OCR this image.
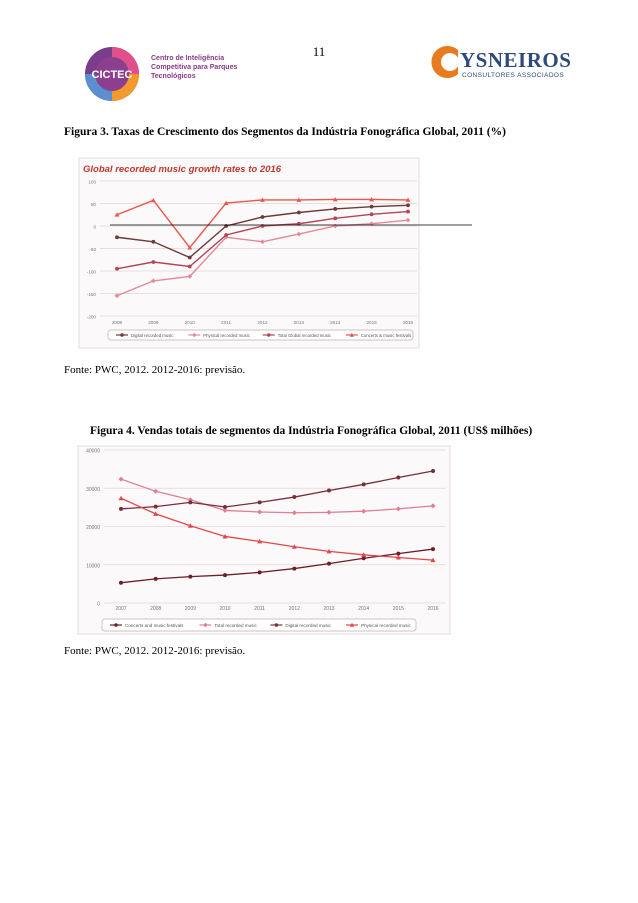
11
CICTEC
Centro de Inteligência
Competitiva para Parques
Tecnológicos
YSNEIROS
CONSULTORES ASSOCIADOS
Figura 3. Taxas de Crescimento dos Segmentos da Indústria Fonográfica Global, 2011 (%)
Global recorded music growth rates to 2016
100
50
0
-50
-100
-150
-200
2008	2009	2010	2011	2012	2013	2014	2015	2016
Digital recorded music	Physical recorded music	Total Global recorded music	Concerts & music festivals
Fonte: PWC, 2012. 2012-2016: previsão.
Figura 4. Vendas totais de segmentos da Indústria Fonográfica Global, 2011 (US$ milhões)
40000
30000
20000
10000
0
2007	2008	2009	2010	2011	2012	2013	2014	2015	2016
Concerts and music festivals	Total recorded music	Digital recorded music	Physical recorded music
Fonte: PWC, 2012. 2012-2016: previsão.
